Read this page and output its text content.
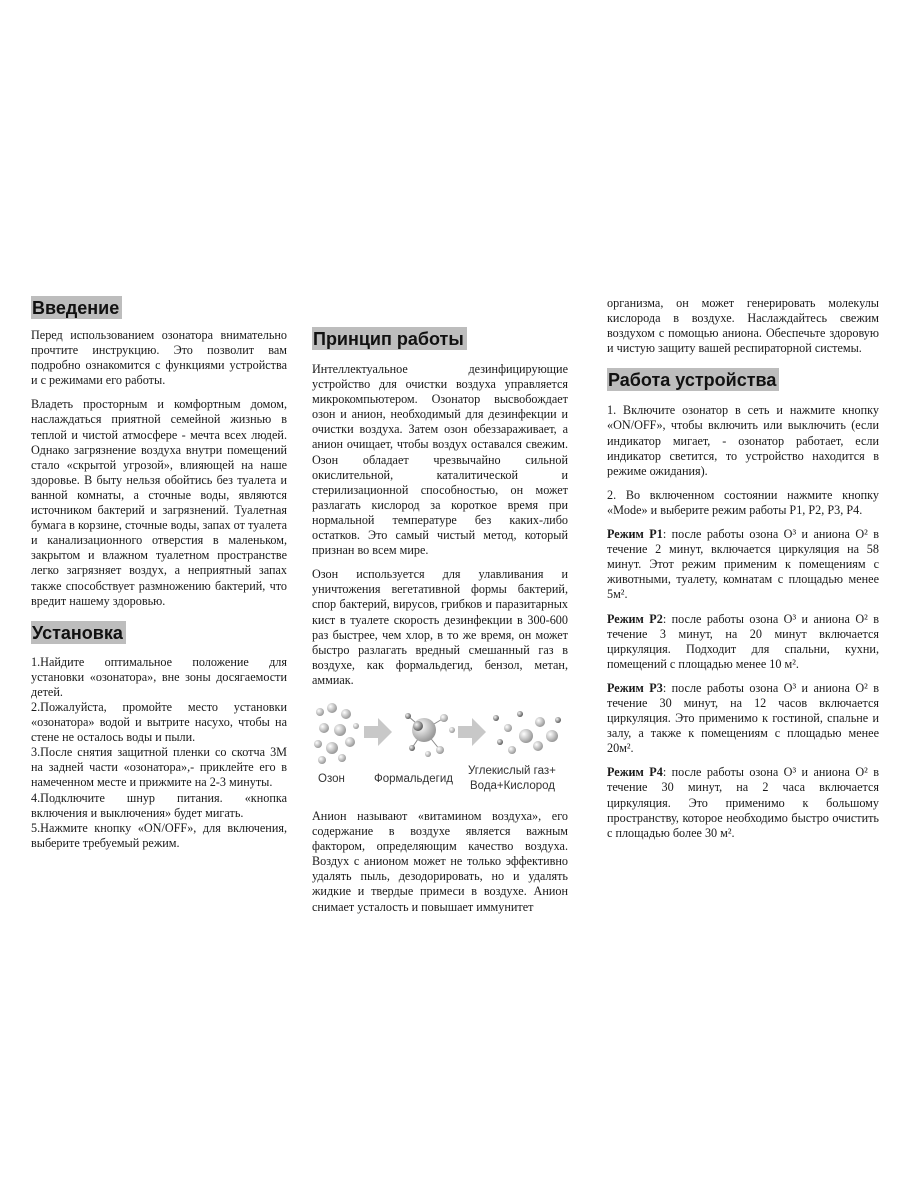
Введение

Перед использованием озонатора внимательно прочтите инструкцию. Это позволит вам подробно ознакомится с функциями устройства и с режимами его работы.

Владеть просторным и комфортным домом, наслаждаться приятной семейной жизнью в теплой и чистой атмосфере - мечта всех людей. Однако загрязнение воздуха внутри помещений стало «скрытой угрозой», влияющей на наше здоровье. В быту нельзя обойтись без туалета и ванной комнаты, а сточные воды, являются источником бактерий и загрязнений. Туалетная бумага в корзине, сточные воды, запах от туалета и канализационного отверстия в маленьком, закрытом и влажном туалетном пространстве легко загрязняет воздух, а неприятный запах также способствует размножению бактерий, что вредит нашему здоровью.

Установка

1.Найдите оптимальное положение для установки «озонатора», вне зоны досягаемости детей.

2.Пожалуйста, промойте место установки «озонатора» водой и вытрите насухо, чтобы на стене не осталось воды и пыли.

3.После снятия защитной пленки со скотча 3M на задней части «озонатора»,- приклейте его в намеченном месте и прижмите на 2-3 минуты.

4.Подключите шнур питания. «кнопка включения и выключения» будет мигать.

5.Нажмите кнопку «ON/OFF», для включения, выберите требуемый режим.

Принцип работы

Интеллектуальное дезинфицирующие устройство для очистки воздуха управляется микрокомпьютером. Озонатор высвобождает озон и анион, необходимый для дезинфекции и очистки воздуха. Затем озон обеззараживает, а анион очищает, чтобы воздух оставался свежим. Озон обладает чрезвычайно сильной окислительной, каталитической и стерилизационной способностью, он может разлагать кислород за короткое время при нормальной температуре без каких-либо остатков. Это самый чистый метод, который признан во всем мире.

Озон используется для улавливания и уничтожения вегетативной формы бактерий, спор бактерий, вирусов, грибков и паразитарных кист в туалете скорость дезинфекции в 300-600 раз быстрее, чем хлор, в то же время, он может быстро разлагать вредный смешанный газ в воздухе, как формальдегид, бензол, метан, аммиак.

Озон	Формальдегид
Углекислый газ+
Вода+Кислород

Анион называют «витамином воздуха», его содержание в воздухе является важным фактором, определяющим качество воздуха. Воздух с анионом может не только эффективно удалять пыль, дезодорировать, но и удалять жидкие и твердые примеси в воздухе. Анион снимает усталость и повышает иммунитет

организма, он может генерировать молекулы кислорода в воздухе. Наслаждайтесь свежим воздухом с помощью аниона. Обеспечьте здоровую и чистую защиту вашей респираторной системы.

Работа устройства

1. Включите озонатор в сеть и нажмите кнопку «ON/OFF», чтобы включить или выключить (если индикатор мигает, - озонатор работает, если индикатор светится, то устройство находится в режиме ожидания).

2. Во включенном состоянии нажмите кнопку «Mode» и выберите режим работы P1, P2, P3, P4.

Режим P1: после работы озона O³ и аниона O² в течение 2 минут, включается циркуляция на 58 минут. Этот режим применим к помещениям с животными, туалету, комнатам с площадью менее 5м².

Режим P2: после работы озона O³ и аниона O² в течение 3 минут, на 20 минут включается циркуляция. Подходит для спальни, кухни, помещений с площадью менее 10 м².

Режим P3: после работы озона O³ и аниона O² в течение 30 минут, на 12 часов включается циркуляция. Это применимо к гостиной, спальне и залу, а также к помещениям с площадью менее 20м².

Режим P4: после работы озона O³ и аниона O² в течение 30 минут, на 2 часа включается циркуляция. Это применимо к большому пространству, которое необходимо быстро очистить с площадью более 30 м².
